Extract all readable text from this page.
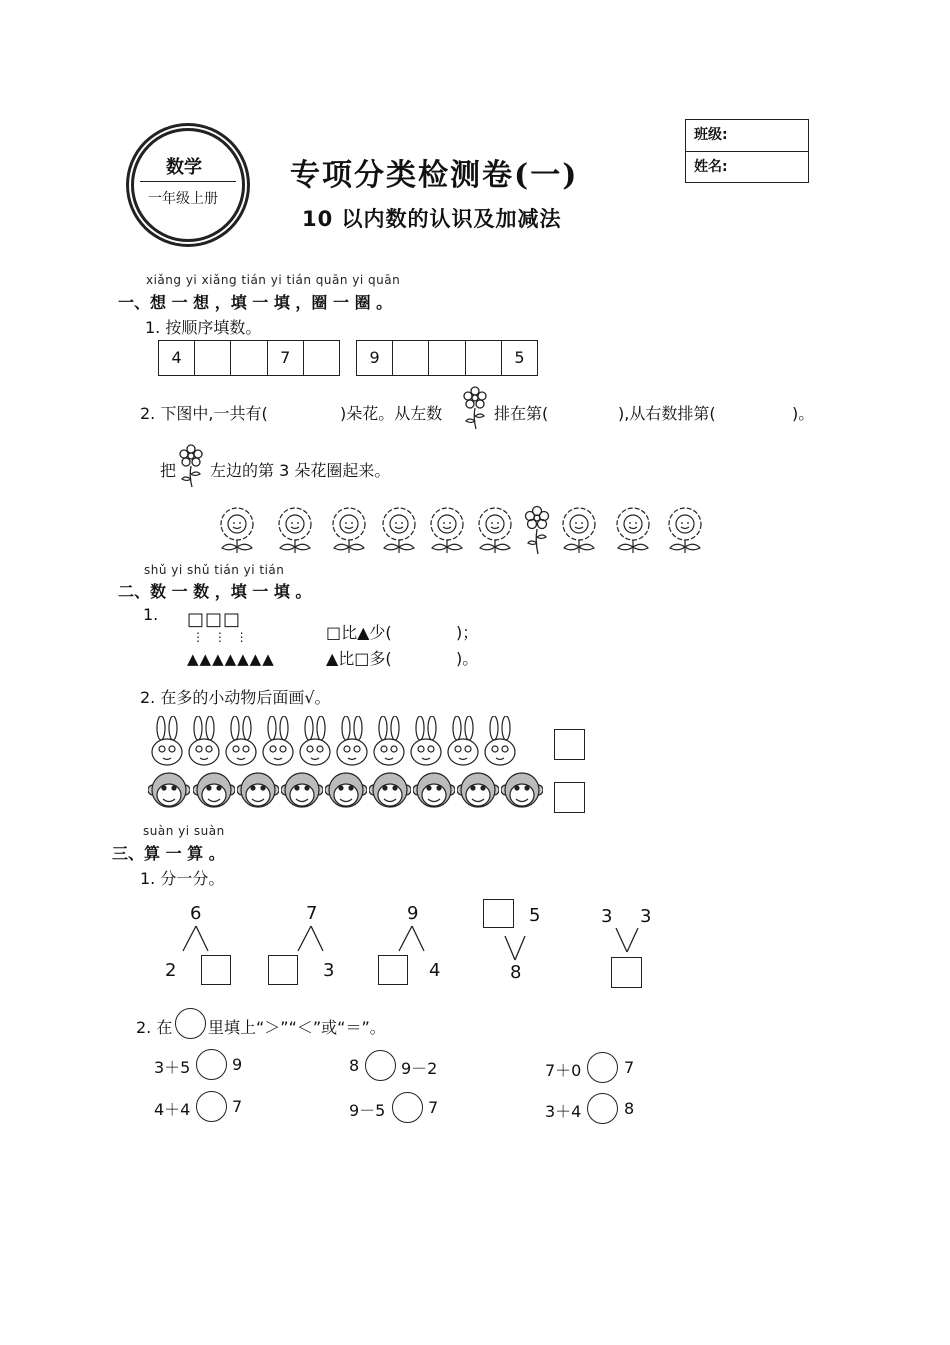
数学
一年级上册
专项分类检测卷(一)
10 以内数的认识及加减法
班级:
姓名:
xiǎng yi xiǎng tián yi tián quān yi quān
一、想 一 想 ，填 一 填 ，圈 一 圈 。
1. 按顺序填数。
4	7	9	5
2. 下图中,一共有(	)朵花。从左数	排在第(	),从右数排第(	)。
把 左边的第 3 朵花圈起来。
shǔ yi shǔ tián yi tián
二、数 一 数 ，填 一 填 。
1. □□□
⋮ ⋮ ⋮
▲▲▲▲▲▲▲
□比▲少(	)；
▲比□多(	)。
2. 在多的小动物后面画√。
suàn yi suàn
三、算 一 算 。
1. 分一分。
6
2
7
3
9
4
5
8
3 3
2. 在 里填上“＞”“＜”或“＝”。
3＋5	9	8	9－2	7＋0	7
4＋4	7	9－5	7	3＋4	8
